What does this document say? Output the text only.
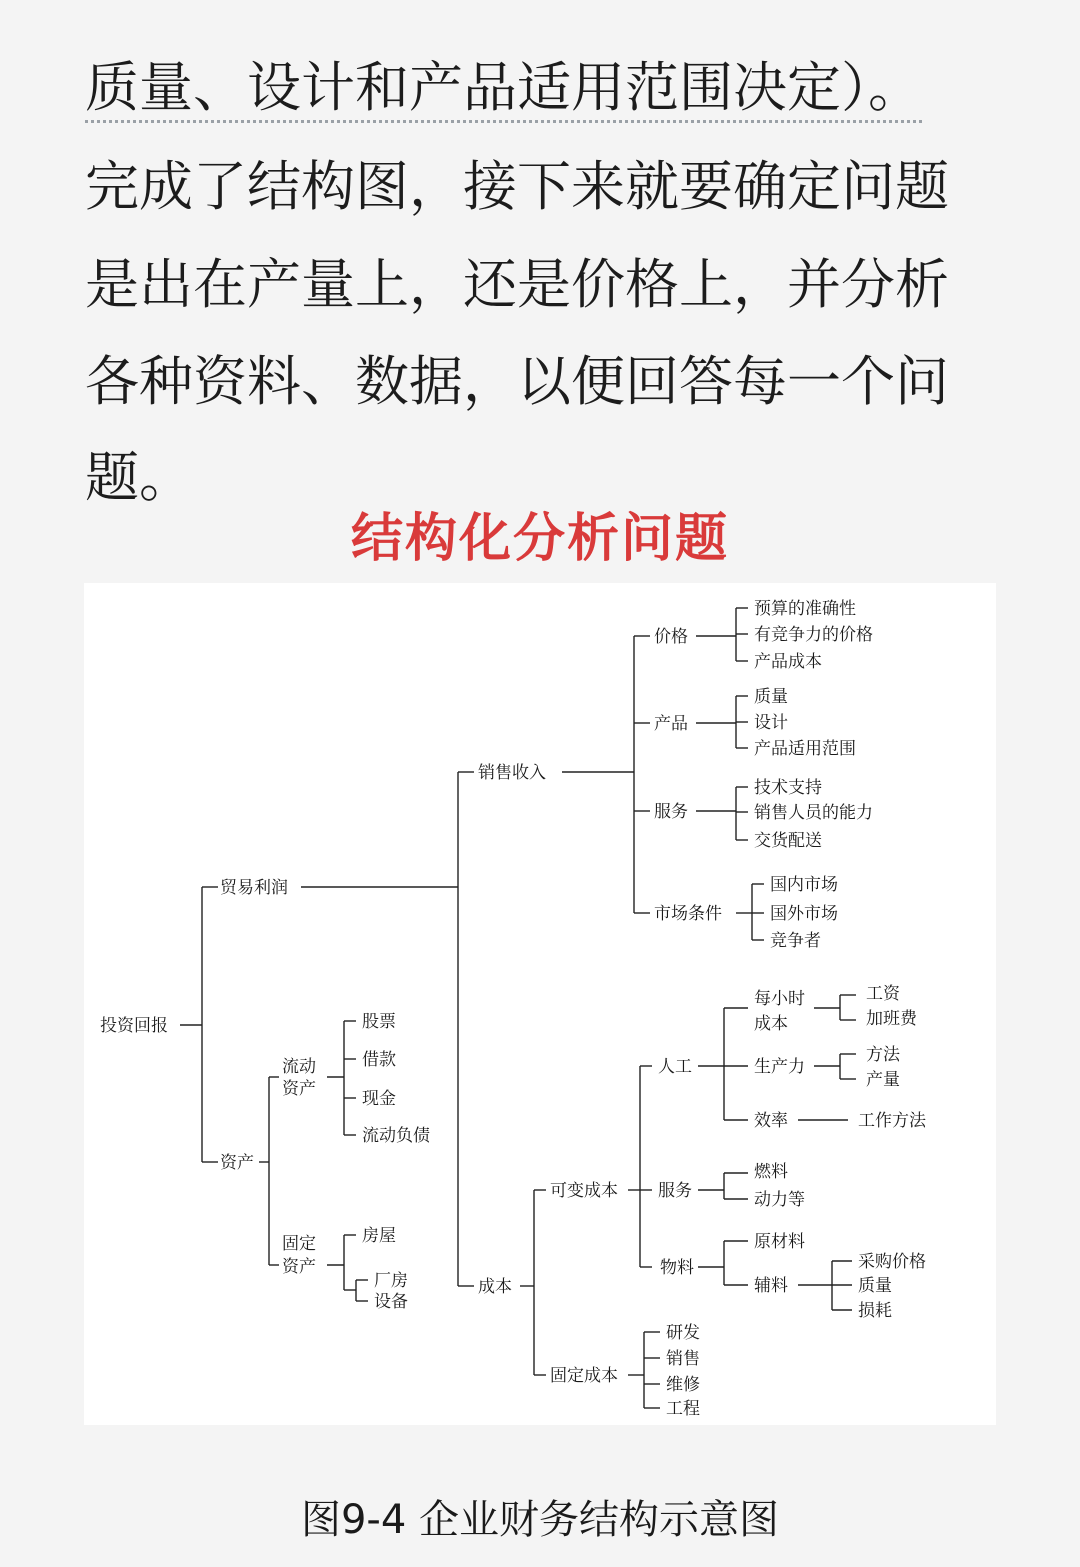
质量、设计和产品适用范围决定）。
完成了结构图，接下来就要确定问题
是出在产量上，还是价格上，并分析
各种资料、数据，以便回答每一个问
题。
结构化分析问题
投资回报
贸易利润
资产
销售收入
成本
价格
预算的准确性
有竞争力的价格
产品成本
产品
质量
设计
产品适用范围
服务
技术支持
销售人员的能力
交货配送
市场条件
国内市场
国外市场
竞争者
流动
资产
股票
借款
现金
流动负债
固定
资产
房屋
厂房
设备
可变成本
固定成本
人工
每小时
成本
工资
加班费
生产力
方法
产量
效率	工作方法
服务
燃料
动力等
物料
原材料
辅料
采购价格
质量
损耗
研发
销售
维修
工程
图9-4 企业财务结构示意图
